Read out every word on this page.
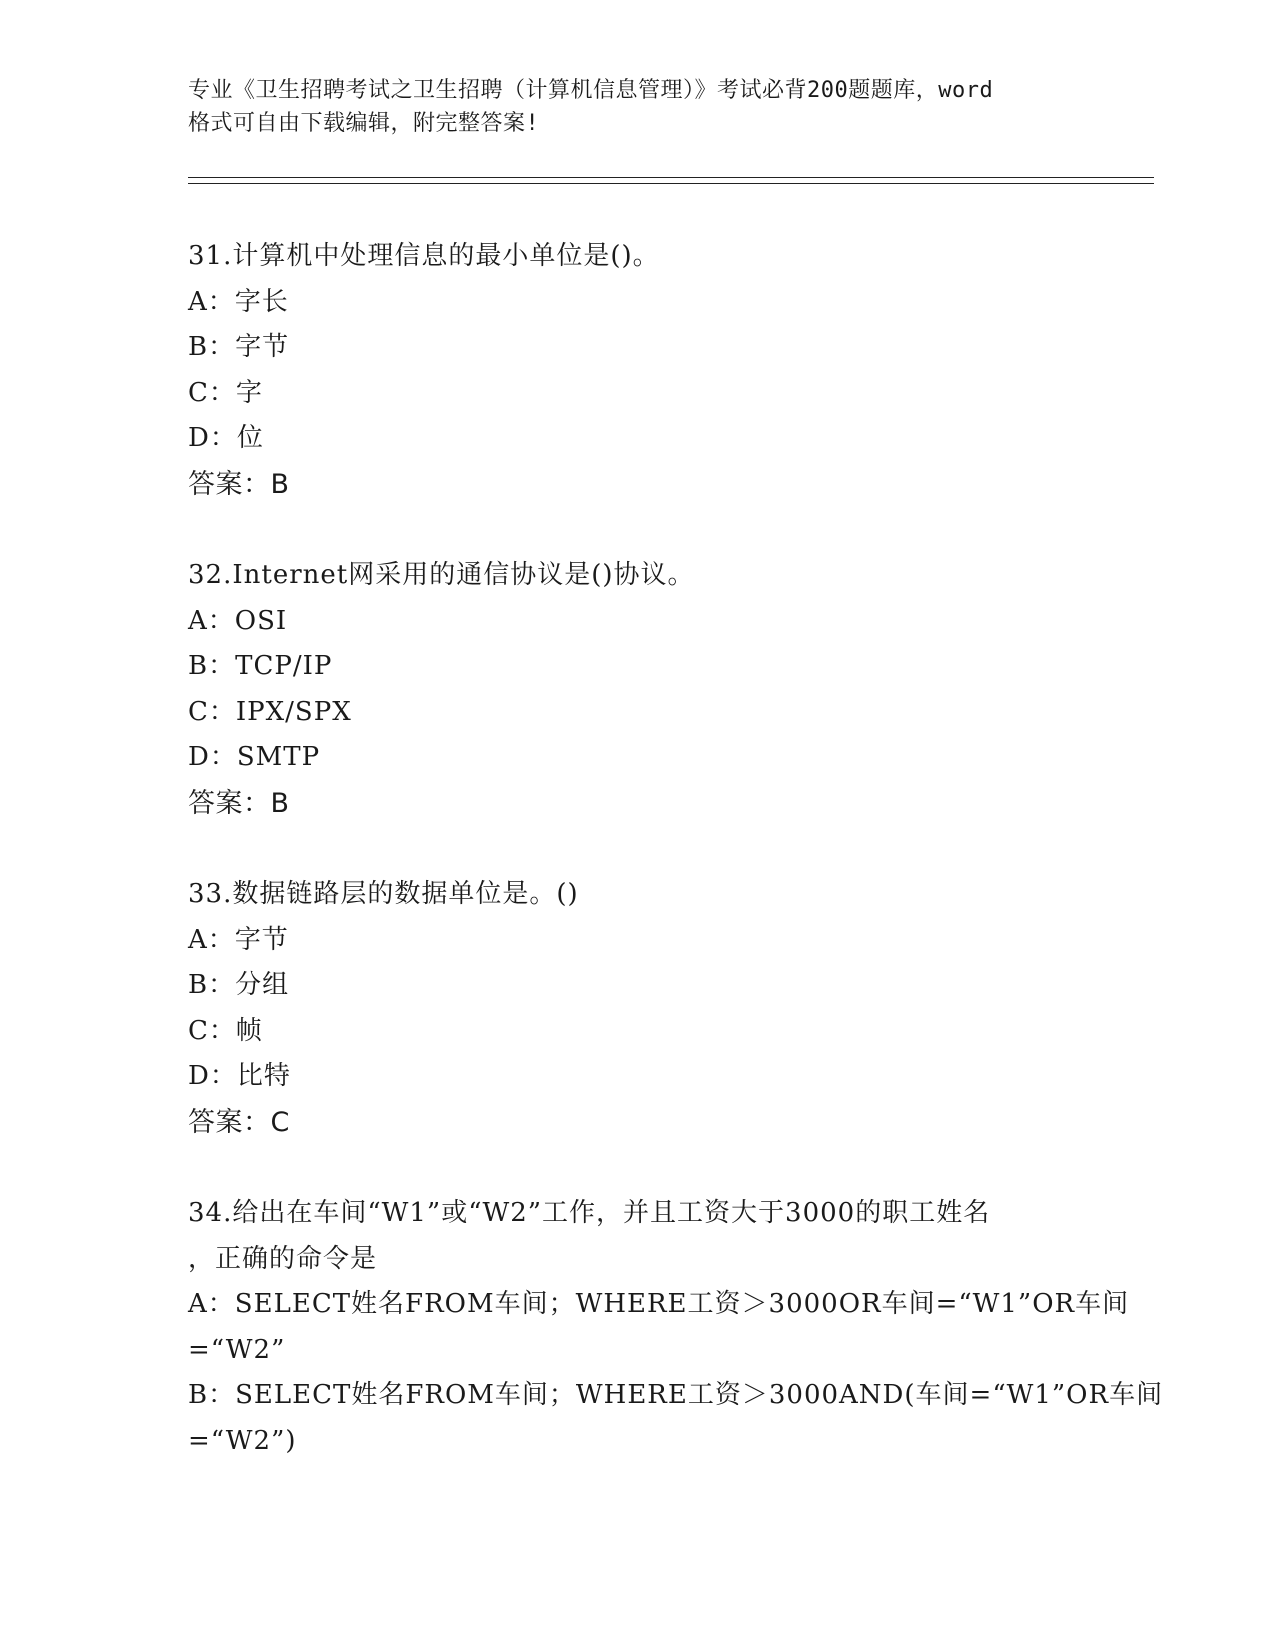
专业《卫生招聘考试之卫生招聘（计算机信息管理）》考试必背200题题库，word
格式可自由下载编辑，附完整答案!
31.计算机中处理信息的最小单位是()。
A：字长
B：字节
C：字
D：位
答案：B
32.Internet网采用的通信协议是()协议。
A：OSI
B：TCP/IP
C：IPX/SPX
D：SMTP
答案：B
33.数据链路层的数据单位是。()
A：字节
B：分组
C：帧
D：比特
答案：C
34.给出在车间“W1”或“W2”工作，并且工资大于3000的职工姓名
，正确的命令是
A：SELECT姓名FROM车间；WHERE工资＞3000OR车间=“W1”OR车间
=“W2”
B：SELECT姓名FROM车间；WHERE工资＞3000AND(车间=“W1”OR车间
=“W2”)
